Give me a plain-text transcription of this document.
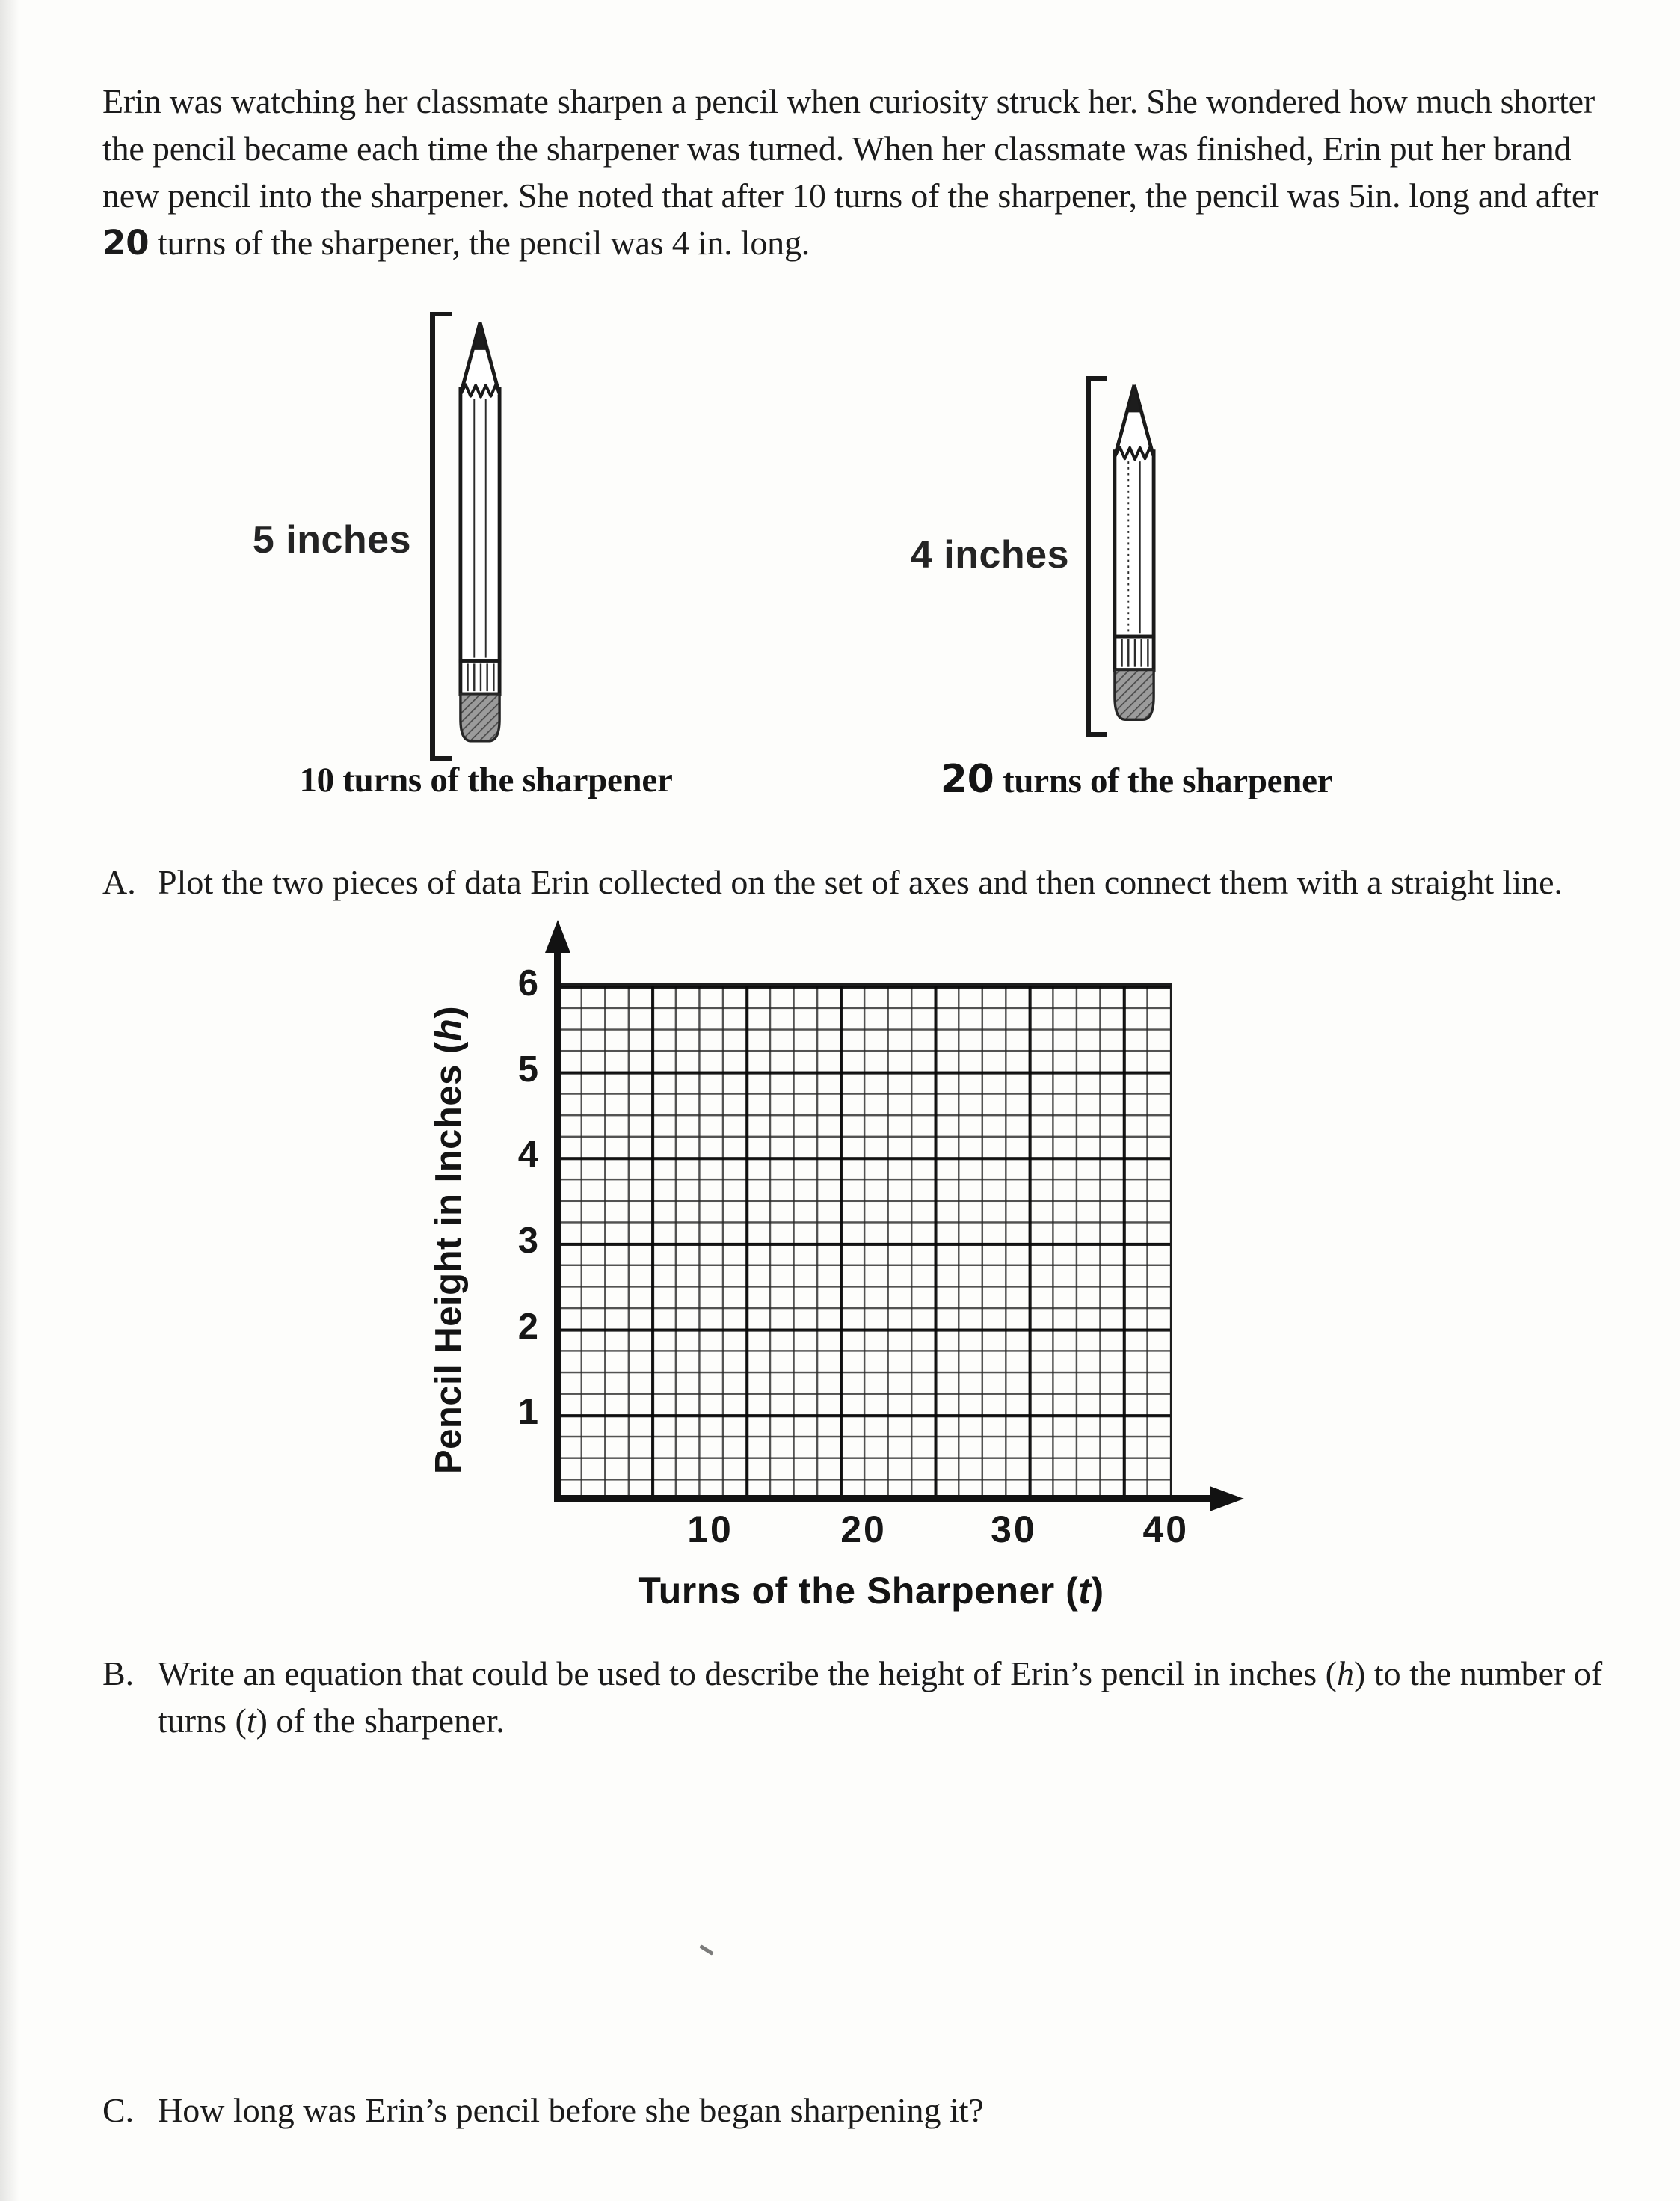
Erin was watching her classmate sharpen a pencil when curiosity struck her. She wondered how much shorter the pencil became each time the sharpener was turned. When her classmate was finished, Erin put her brand new pencil into the sharpener. She noted that after 10 turns of the sharpener, the pencil was 5in. long and after 20 turns of the sharpener, the pencil was 4 in. long.

5 inches
10 turns of the sharpener
4 inches
20 turns of the sharpener
A. Plot the two pieces of data Erin collected on the set of axes and then connect them with a straight line.
Pencil Height in Inches (h)
6
5
4
3
2
1
10	20	30	40
Turns of the Sharpener (t)
B. Write an equation that could be used to describe the height of Erin’s pencil in inches (h) to the number of turns (t) of the sharpener.
C. How long was Erin’s pencil before she began sharpening it?
